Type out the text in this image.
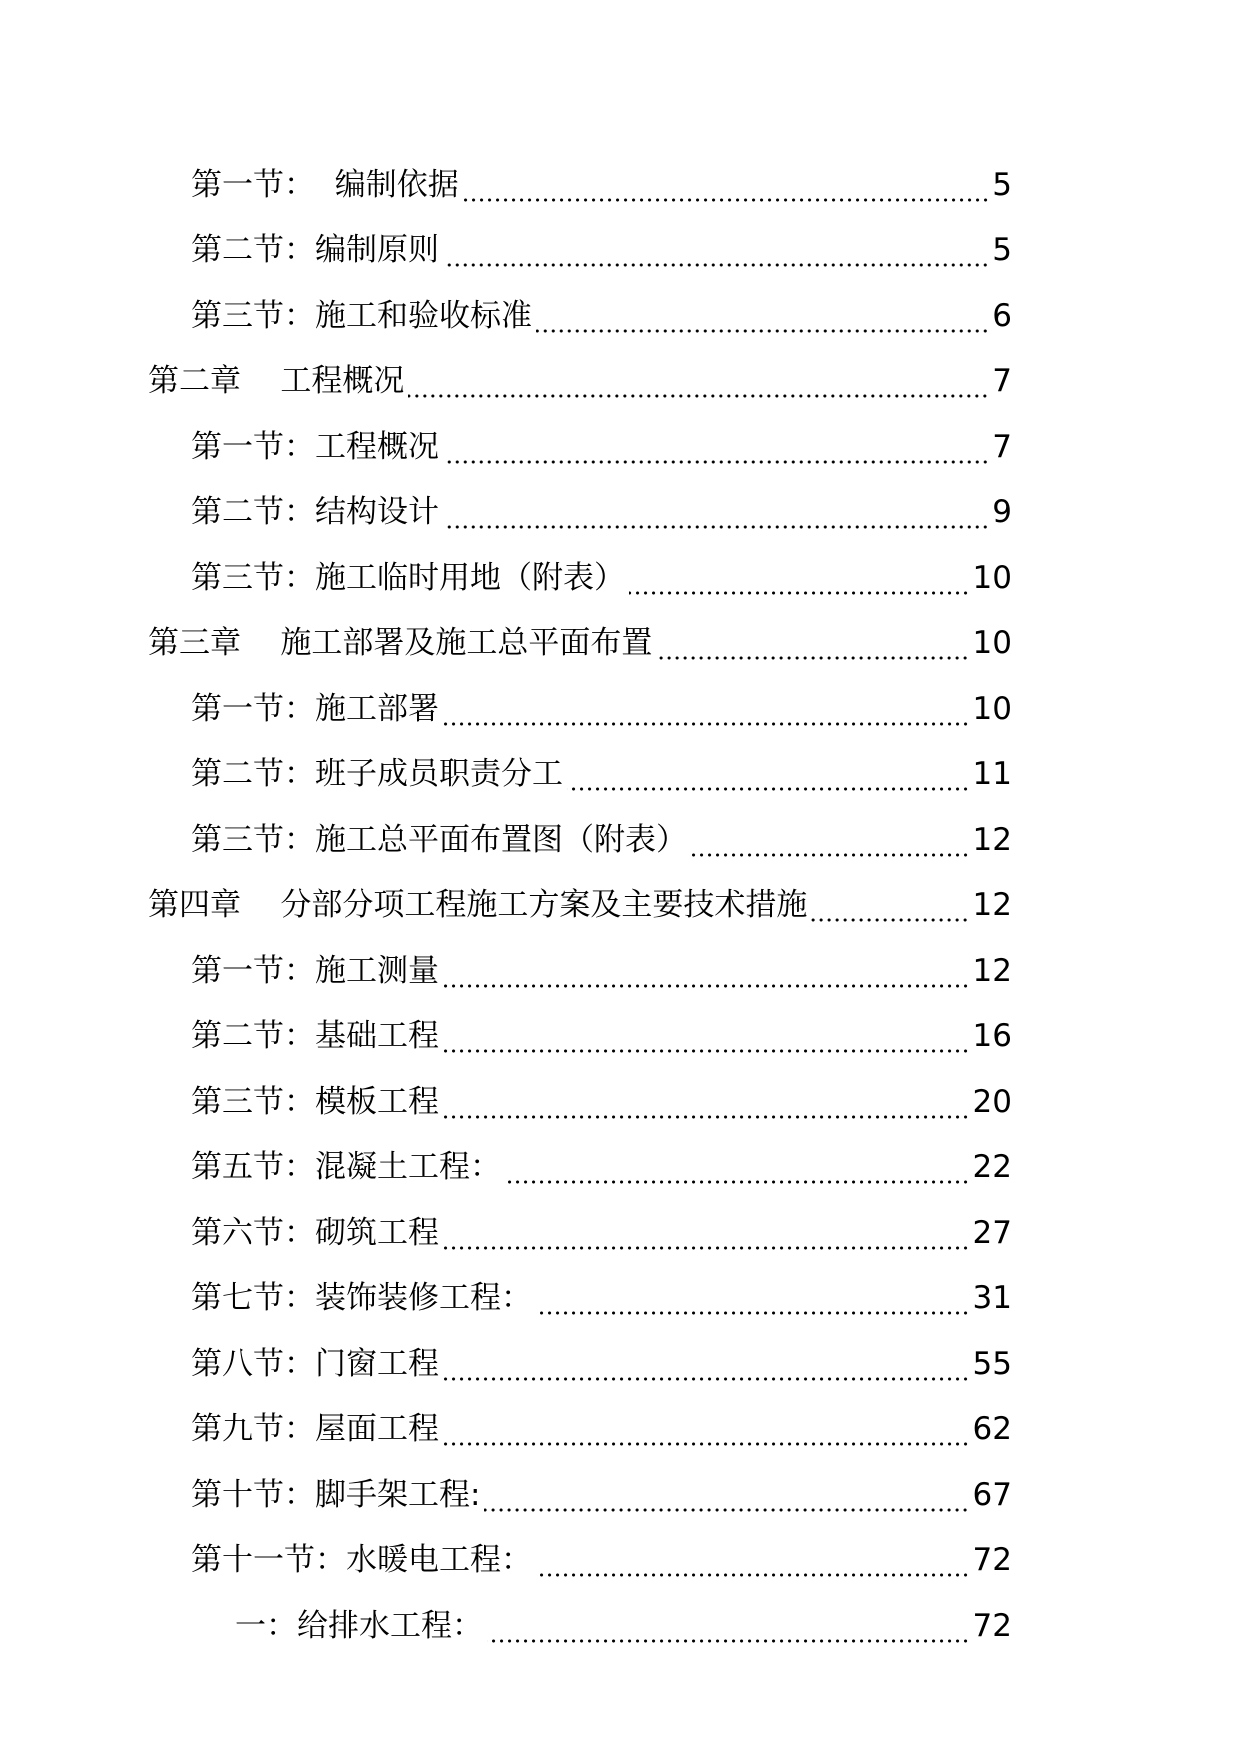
第一节：  编制依据	5
第二节：编制原则	5
第三节：施工和验收标准	6
第二章    工程概况	7
第一节：工程概况	7
第二节：结构设计	9
第三节：施工临时用地（附表）	10
第三章    施工部署及施工总平面布置	10
第一节：施工部署	10
第二节：班子成员职责分工	11
第三节：施工总平面布置图（附表）	12
第四章    分部分项工程施工方案及主要技术措施	12
第一节：施工测量	12
第二节：基础工程	16
第三节：模板工程	20
第五节：混凝土工程：	22
第六节：砌筑工程	27
第七节：装饰装修工程：	31
第八节：门窗工程	55
第九节：屋面工程	62
第十节：脚手架工程:	67
第十一节：水暖电工程：	72
一：给排水工程：	72
